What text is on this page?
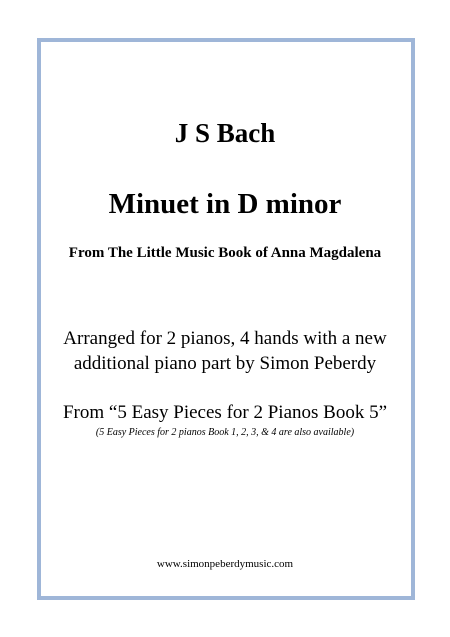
J S Bach
Minuet in D minor
From The Little Music Book of Anna Magdalena
Arranged for 2 pianos, 4 hands with a new
additional piano part by Simon Peberdy
From “5 Easy Pieces for 2 Pianos Book 5”
(5 Easy Pieces for 2 pianos Book 1, 2, 3, & 4 are also available)
www.simonpeberdymusic.com
